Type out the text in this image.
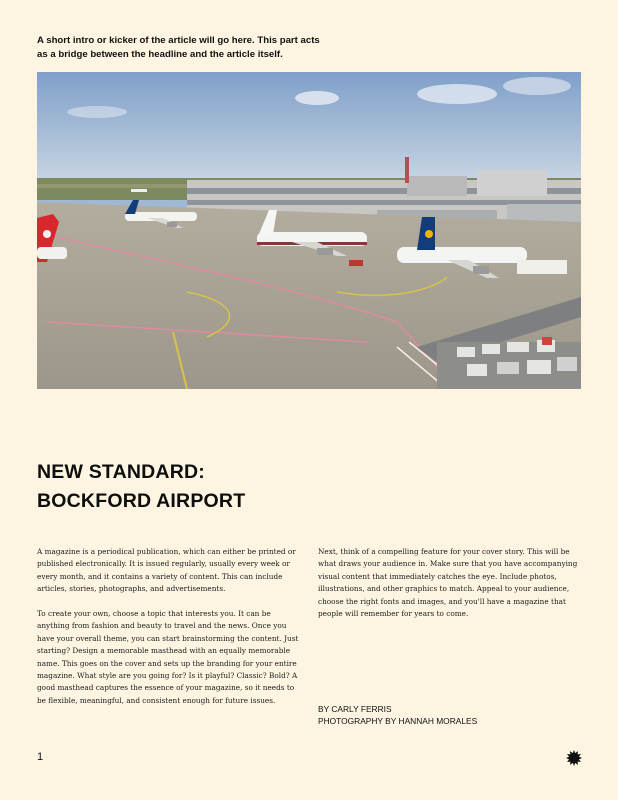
A short intro or kicker of the article will go here. This part acts as a bridge between the headline and the article itself.
NEW STANDARD:
BOCKFORD AIRPORT

A magazine is a periodical publication, which can either be printed or published electronically. It is issued regularly, usually every week or every month, and it contains a variety of content. This can include articles, stories, photographs, and advertisements.

To create your own, choose a topic that interests you. It can be anything from fashion and beauty to travel and the news. Once you have your overall theme, you can start brainstorming the content. Just starting? Design a memorable masthead with an equally memorable name. This goes on the cover and sets up the branding for your entire magazine. What style are you going for? Is it playful? Classic? Bold? A good masthead captures the essence of your magazine, so it needs to be flexible, meaningful, and consistent enough for future issues.

Next, think of a compelling feature for your cover story. This will be what draws your audience in. Make sure that you have accompanying visual content that immediately catches the eye. Include photos, illustrations, and other graphics to match. Appeal to your audience, choose the right fonts and images, and you'll have a magazine that people will remember for years to come.

BY CARLY FERRIS
PHOTOGRAPHY BY HANNAH MORALES
1
